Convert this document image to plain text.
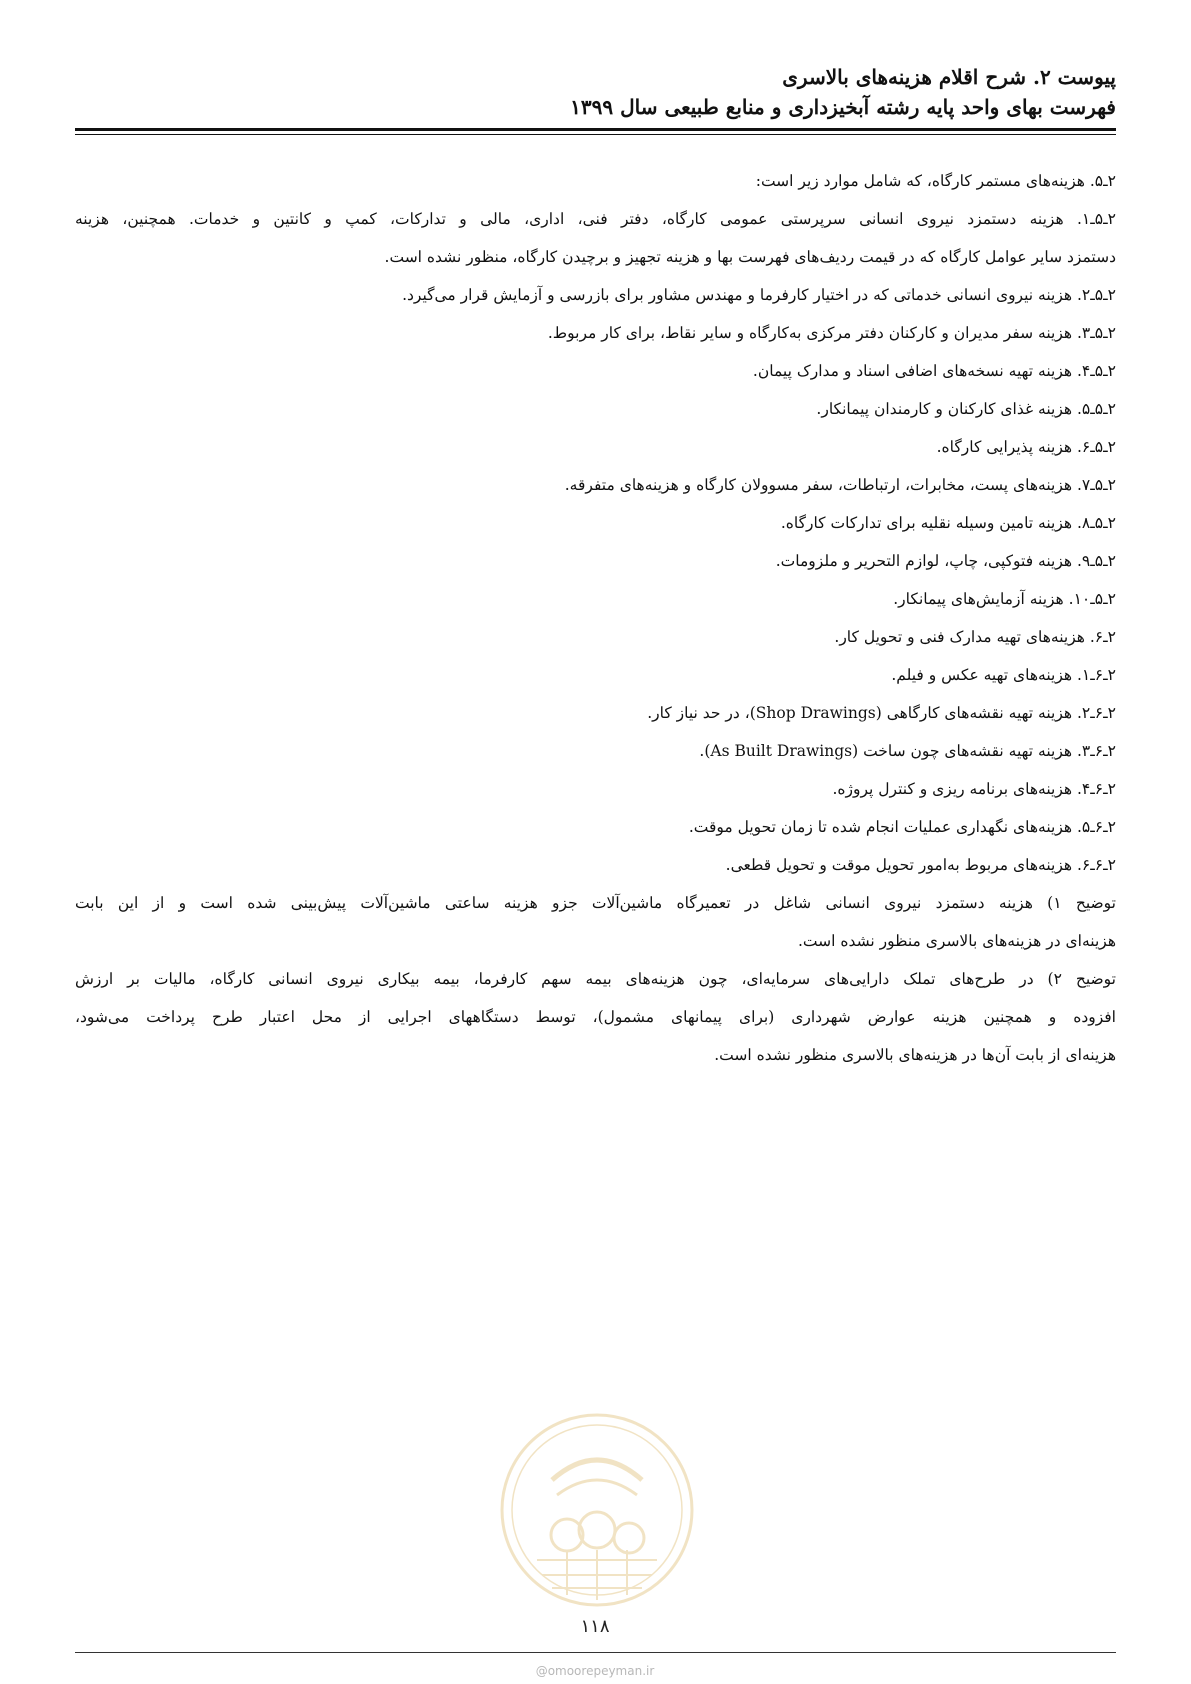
پیوست ۲. شرح اقلام هزینه‌های بالاسری
فهرست بهای واحد پایه رشته آبخیزداری و منابع طبیعی سال ۱۳۹۹
۲ـ۵. هزینه‌های مستمر کارگاه، که شامل موارد زیر است:
۲ـ۵ـ۱. هزینه دستمزد نیروی انسانی سرپرستی عمومی کارگاه، دفتر فنی، اداری، مالی و تدارکات، کمپ و کانتین و خدمات. همچنین، هزینه
دستمزد سایر عوامل کارگاه که در قیمت ردیف‌های فهرست بها و هزینه تجهیز و برچیدن کارگاه، منظور نشده است.
۲ـ۵ـ۲. هزینه نیروی انسانی خدماتی که در اختیار کارفرما و مهندس مشاور برای بازرسی و آزمایش قرار می‌گیرد.
۲ـ۵ـ۳. هزینه سفر مدیران و کارکنان دفتر مرکزی به‌کارگاه و سایر نقاط، برای کار مربوط.
۲ـ۵ـ۴. هزینه تهیه نسخه‌های اضافی اسناد و مدارک پیمان.
۲ـ۵ـ۵. هزینه غذای کارکنان و کارمندان پیمانکار.
۲ـ۵ـ۶. هزینه پذیرایی کارگاه.
۲ـ۵ـ۷. هزینه‌های پست، مخابرات، ارتباطات، سفر مسوولان کارگاه و هزینه‌های متفرقه.
۲ـ۵ـ۸. هزینه تامین وسیله نقلیه برای تدارکات کارگاه.
۲ـ۵ـ۹. هزینه فتوکپی، چاپ، لوازم التحریر و ملزومات.
۲ـ۵ـ۱۰. هزینه آزمایش‌های پیمانکار.
۲ـ۶. هزینه‌های تهیه مدارک فنی و تحویل کار.
۲ـ۶ـ۱. هزینه‌های تهیه عکس و فیلم.
۲ـ۶ـ۲. هزینه تهیه نقشه‌های کارگاهی (Shop Drawings)، در حد نیاز کار.
۲ـ۶ـ۳. هزینه تهیه نقشه‌های چون ساخت (As Built Drawings).
۲ـ۶ـ۴. هزینه‌های برنامه ریزی و کنترل پروژه.
۲ـ۶ـ۵. هزینه‌های نگهداری عملیات انجام شده تا زمان تحویل موقت.
۲ـ۶ـ۶. هزینه‌های مربوط به‌امور تحویل موقت و تحویل قطعی.
توضیح ۱) هزینه دستمزد نیروی انسانی شاغل در تعمیرگاه ماشین‌آلات جزو هزینه ساعتی ماشین‌آلات پیش‌بینی شده است و از این بابت
هزینه‌ای در هزینه‌های بالاسری منظور نشده است.
توضیح ۲) در طرح‌های تملک دارایی‌های سرمایه‌ای، چون هزینه‌های بیمه سهم کارفرما، بیمه بیکاری نیروی انسانی کارگاه، مالیات بر ارزش
افزوده و همچنین هزینه عوارض شهرداری (برای پیمانهای مشمول)، توسط دستگاههای اجرایی از محل اعتبار طرح پرداخت می‌شود،
هزینه‌ای از بابت آن‌ها در هزینه‌های بالاسری منظور نشده است.
۱۱۸
@omoorepeyman.ir
